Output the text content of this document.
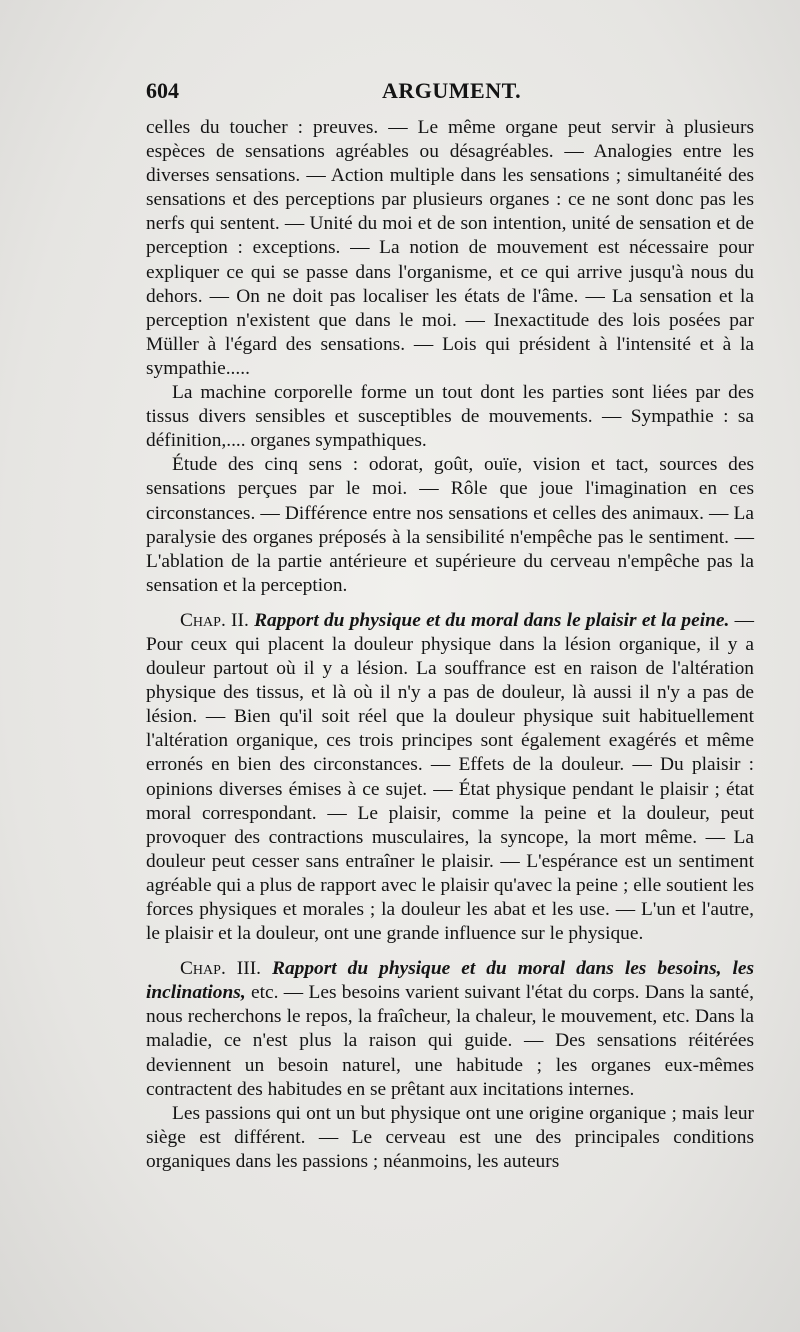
604	ARGUMENT.

celles du toucher : preuves. — Le même organe peut servir à plusieurs espèces de sensations agréables ou désagréables. — Analogies entre les diverses sensations. — Action multiple dans les sensations ; simultanéité des sensations et des perceptions par plusieurs organes : ce ne sont donc pas les nerfs qui sentent. — Unité du moi et de son intention, unité de sensation et de perception : exceptions. — La notion de mouvement est nécessaire pour expliquer ce qui se passe dans l'organisme, et ce qui arrive jusqu'à nous du dehors. — On ne doit pas localiser les états de l'âme. — La sensation et la perception n'existent que dans le moi. — Inexactitude des lois posées par Müller à l'égard des sensations. — Lois qui président à l'intensité et à la sympathie.....

La machine corporelle forme un tout dont les parties sont liées par des tissus divers sensibles et susceptibles de mouvements. — Sympathie : sa définition,.... organes sympathiques.

Étude des cinq sens : odorat, goût, ouïe, vision et tact, sources des sensations perçues par le moi. — Rôle que joue l'imagination en ces circonstances. — Différence entre nos sensations et celles des animaux. — La paralysie des organes préposés à la sensibilité n'empêche pas le sentiment. — L'ablation de la partie antérieure et supérieure du cerveau n'empêche pas la sensation et la perception.

Chap. II. Rapport du physique et du moral dans le plaisir et la peine. — Pour ceux qui placent la douleur physique dans la lésion organique, il y a douleur partout où il y a lésion. La souffrance est en raison de l'altération physique des tissus, et là où il n'y a pas de douleur, là aussi il n'y a pas de lésion. — Bien qu'il soit réel que la douleur physique suit habituellement l'altération organique, ces trois principes sont également exagérés et même erronés en bien des circonstances. — Effets de la douleur. — Du plaisir : opinions diverses émises à ce sujet. — État physique pendant le plaisir ; état moral correspondant. — Le plaisir, comme la peine et la douleur, peut provoquer des contractions musculaires, la syncope, la mort même. — La douleur peut cesser sans entraîner le plaisir. — L'espérance est un sentiment agréable qui a plus de rapport avec le plaisir qu'avec la peine ; elle soutient les forces physiques et morales ; la douleur les abat et les use. — L'un et l'autre, le plaisir et la douleur, ont une grande influence sur le physique.

Chap. III. Rapport du physique et du moral dans les besoins, les inclinations, etc. — Les besoins varient suivant l'état du corps. Dans la santé, nous recherchons le repos, la fraîcheur, la chaleur, le mouvement, etc. Dans la maladie, ce n'est plus la raison qui guide. — Des sensations réitérées deviennent un besoin naturel, une habitude ; les organes eux-mêmes contractent des habitudes en se prêtant aux incitations internes.

Les passions qui ont un but physique ont une origine organique ; mais leur siège est différent. — Le cerveau est une des principales conditions organiques dans les passions ; néanmoins, les auteurs
